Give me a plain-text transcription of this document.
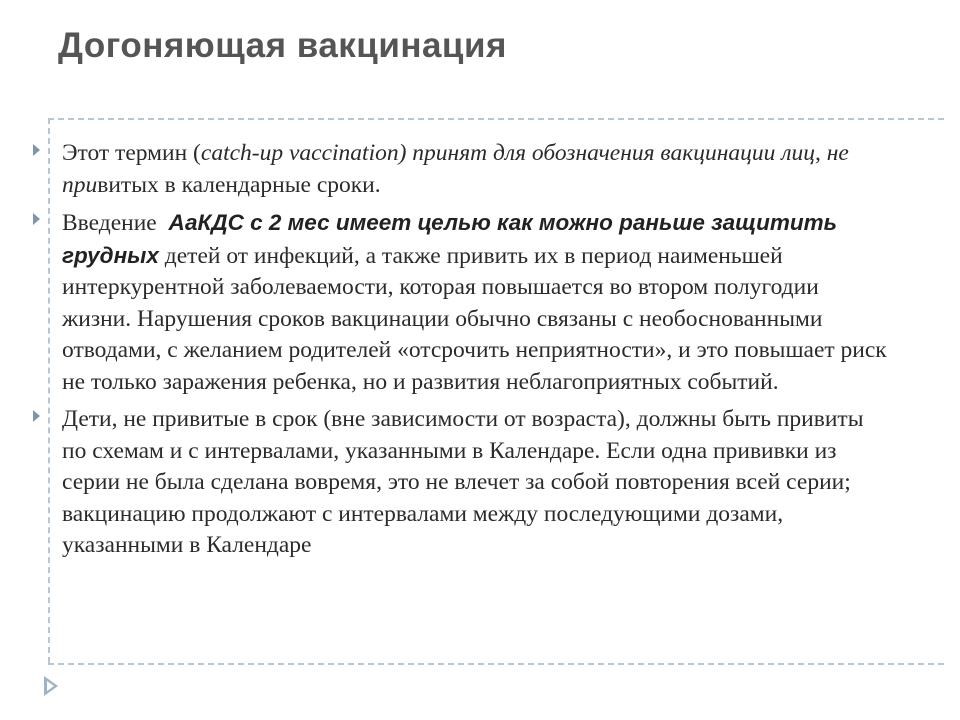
Догоняющая вакцинация
Этот термин (catch-up vaccination) принят для обозначения вакцинации лиц, не привитых в календарные сроки.
Введение  АаКДС с 2 мес имеет целью как можно раньше защитить грудных детей от инфекций, а также привить их в период наименьшей интеркурентной заболеваемости, которая повышается во втором полугодии жизни. Нарушения сроков вакцинации обычно связаны с необоснованными отводами, с желанием родителей «отсрочить неприятности», и это повышает риск не только заражения ребенка, но и развития неблагоприятных событий.
Дети, не привитые в срок (вне зависимости от возраста), должны быть привиты по схемам и с интервалами, указанными в Календаре. Если одна прививки из серии не была сделана вовремя, это не влечет за собой повторения всей серии; вакцинацию продолжают с интервалами между последующими дозами, указанными в Календаре
